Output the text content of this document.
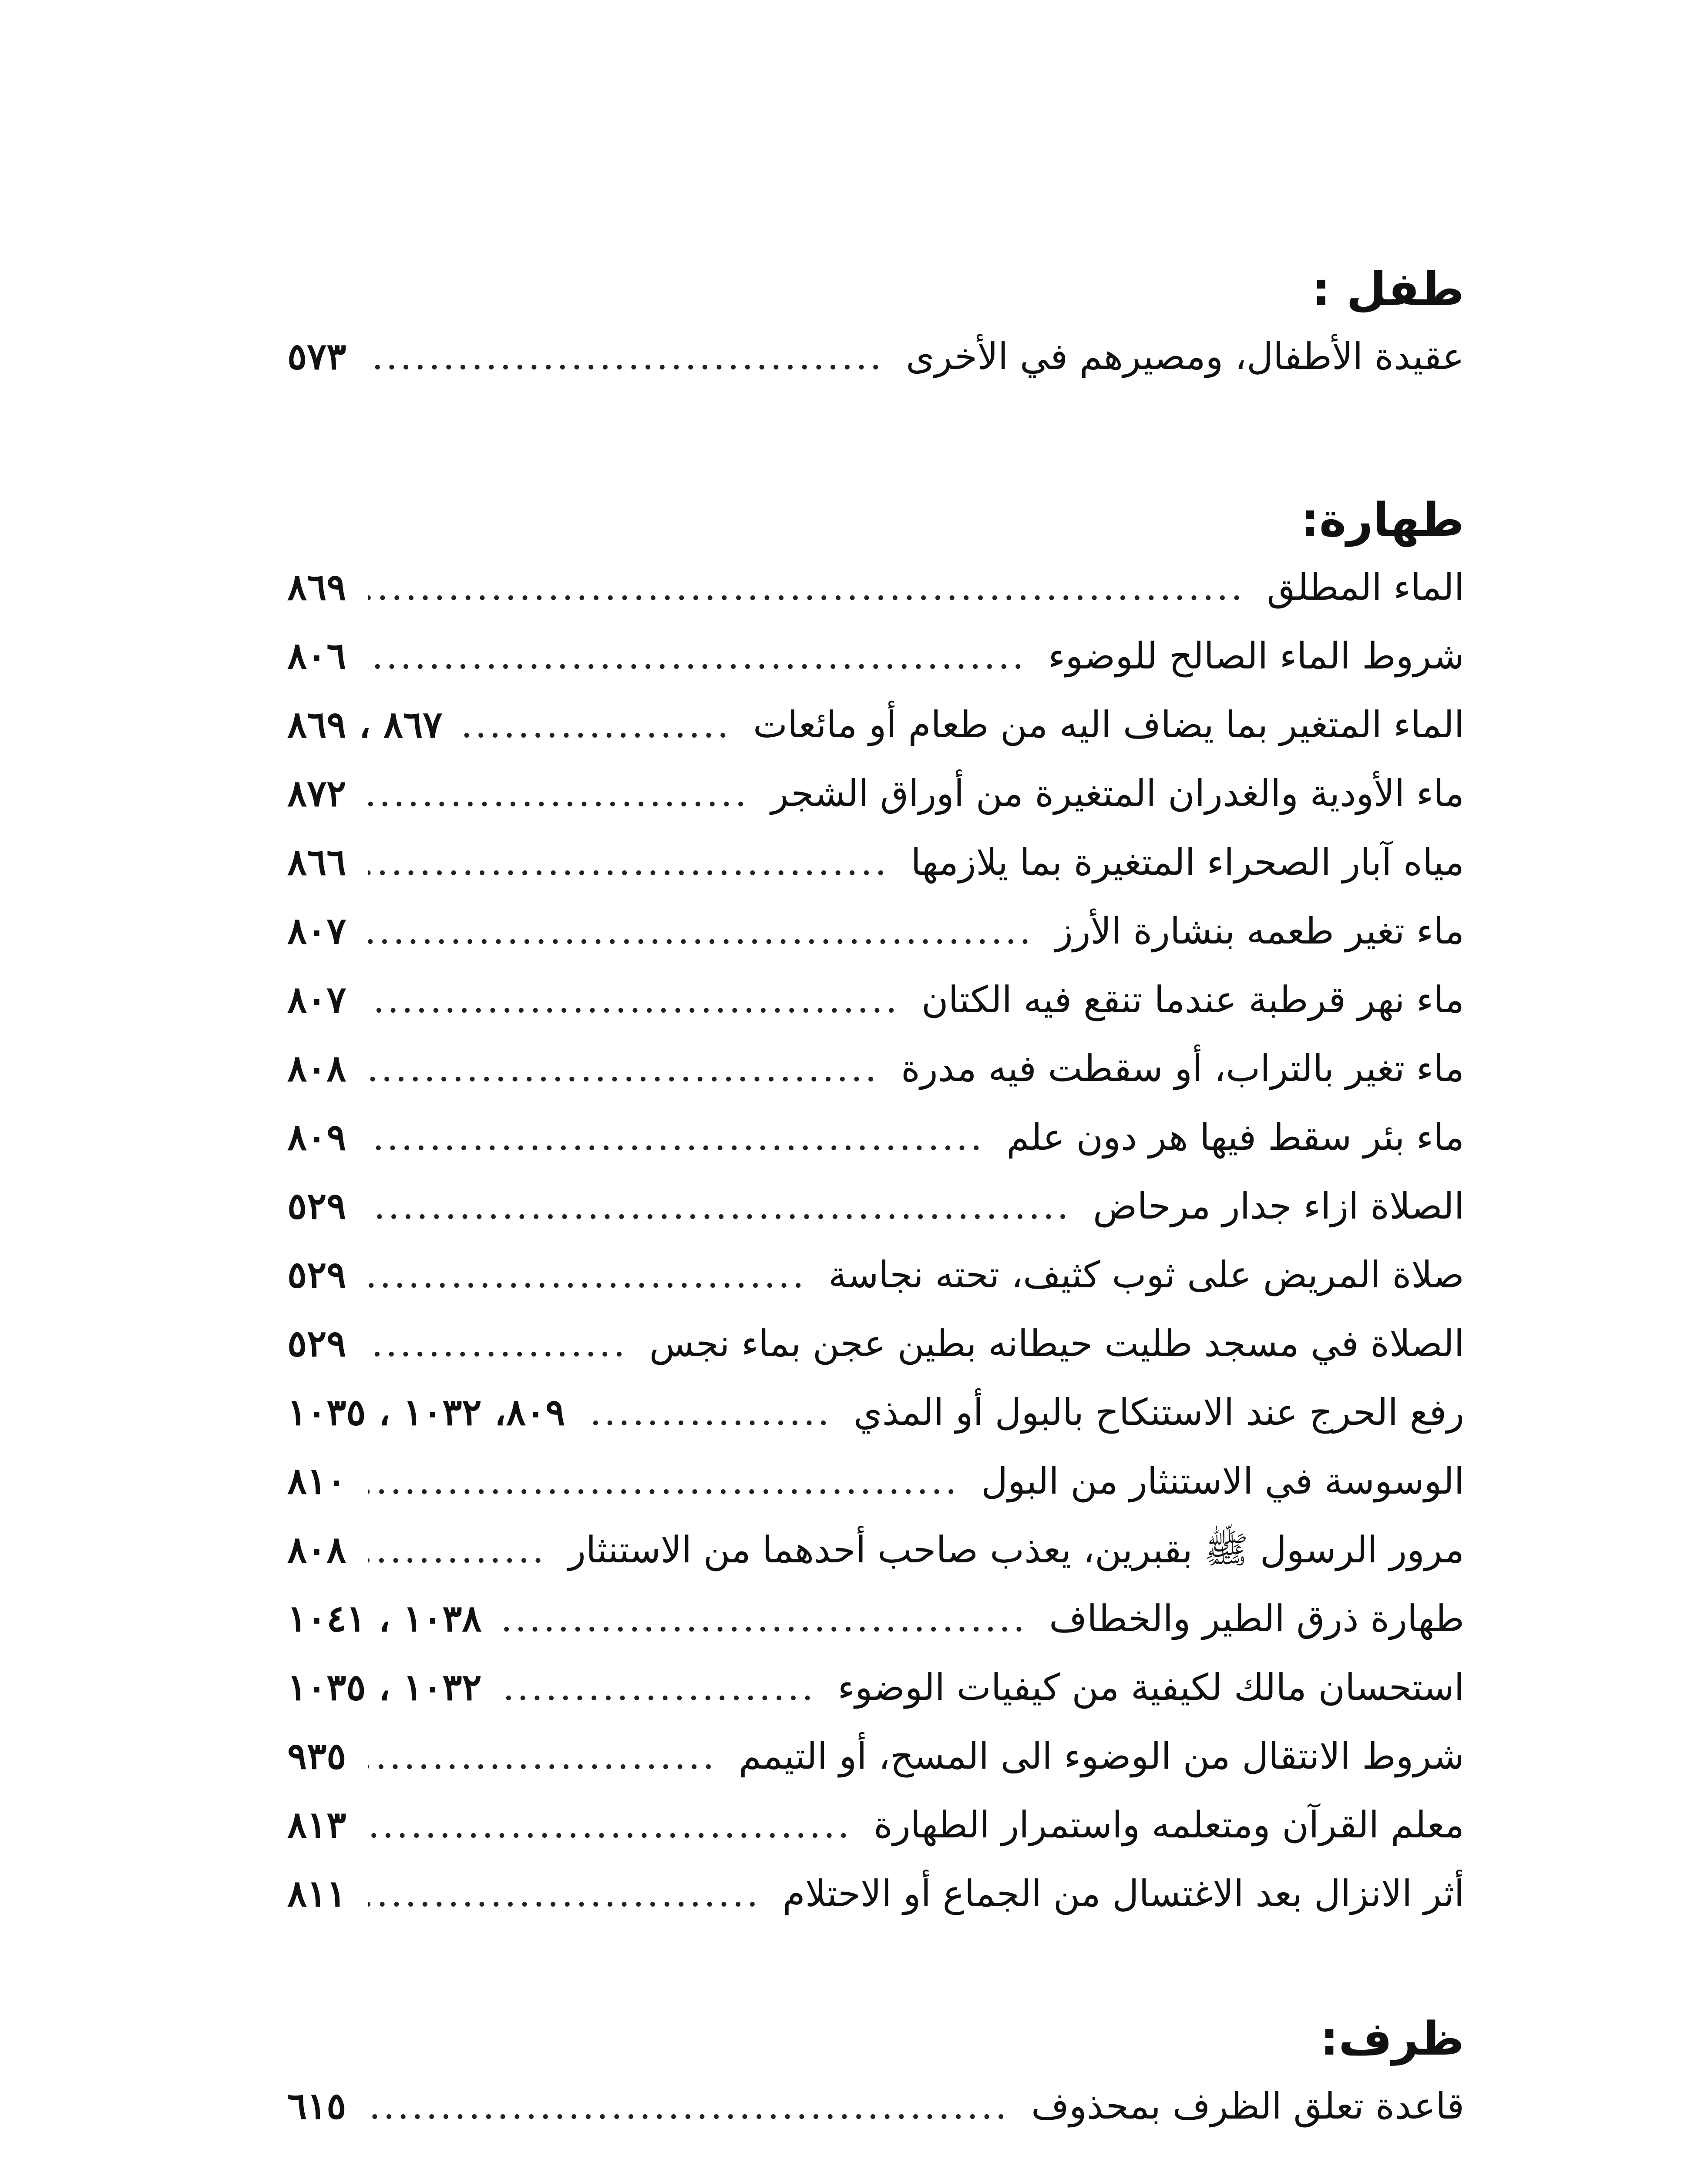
طفل :
عقيدة الأطفال، ومصيرهم في الأخرى
.....
٥٧٣
طهارة:
الماء المطلق
.....
٨٦٩
شروط الماء الصالح للوضوء
.....
٨٠٦
الماء المتغير بما يضاف اليه من طعام أو مائعات
.....
٨٦٧ ، ٨٦٩
ماء الأودية والغدران المتغيرة من أوراق الشجر
.....
٨٧٢
مياه آبار الصحراء المتغيرة بما يلازمها
.....
٨٦٦
ماء تغير طعمه بنشارة الأرز
.....
٨٠٧
ماء نهر قرطبة عندما تنقع فيه الكتان
.....
٨٠٧
ماء تغير بالتراب، أو سقطت فيه مدرة
.....
٨٠٨
ماء بئر سقط فيها هر دون علم
.....
٨٠٩
الصلاة ازاء جدار مرحاض
.....
٥٢٩
صلاة المريض على ثوب كثيف، تحته نجاسة
.....
٥٢٩
الصلاة في مسجد طليت حيطانه بطين عجن بماء نجس
.....
٥٢٩
رفع الحرج عند الاستنكاح بالبول أو المذي
.....
٨٠٩، ١٠٣٢ ، ١٠٣٥
الوسوسة في الاستنثار من البول
.....
٨١٠
مرور الرسول ﷺ بقبرين، يعذب صاحب أحدهما من الاستنثار
.....
٨٠٨
طهارة ذرق الطير والخطاف
.....
١٠٣٨ ، ١٠٤١
استحسان مالك لكيفية من كيفيات الوضوء
.....
١٠٣٢ ، ١٠٣٥
شروط الانتقال من الوضوء الى المسح، أو التيمم
.....
٩٣٥
معلم القرآن ومتعلمه واستمرار الطهارة
.....
٨١٣
أثر الانزال بعد الاغتسال من الجماع أو الاحتلام
.....
٨١١
ظرف:
قاعدة تعلق الظرف بمحذوف
.....
٦١٥
